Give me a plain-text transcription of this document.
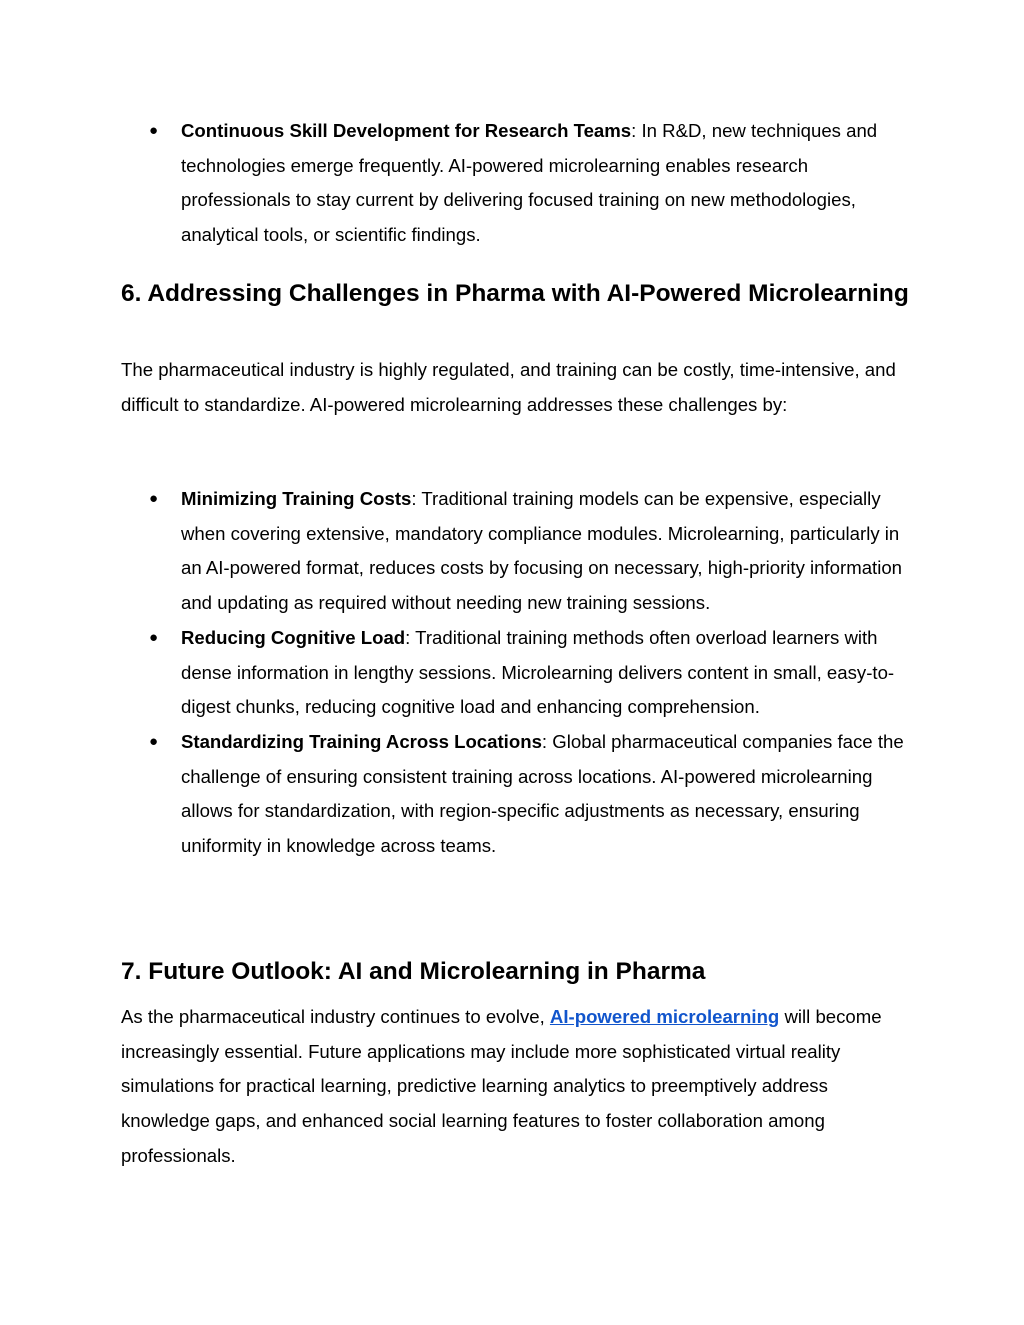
● Continuous Skill Development for Research Teams: In R&D, new techniques and technologies emerge frequently. AI-powered microlearning enables research professionals to stay current by delivering focused training on new methodologies, analytical tools, or scientific findings.
6. Addressing Challenges in Pharma with AI-Powered Microlearning

The pharmaceutical industry is highly regulated, and training can be costly, time-intensive, and difficult to standardize. AI-powered microlearning addresses these challenges by:

● Minimizing Training Costs: Traditional training models can be expensive, especially when covering extensive, mandatory compliance modules. Microlearning, particularly in an AI-powered format, reduces costs by focusing on necessary, high-priority information and updating as required without needing new training sessions.
● Reducing Cognitive Load: Traditional training methods often overload learners with dense information in lengthy sessions. Microlearning delivers content in small, easy-to-digest chunks, reducing cognitive load and enhancing comprehension.
● Standardizing Training Across Locations: Global pharmaceutical companies face the challenge of ensuring consistent training across locations. AI-powered microlearning allows for standardization, with region-specific adjustments as necessary, ensuring uniformity in knowledge across teams.
7. Future Outlook: AI and Microlearning in Pharma

As the pharmaceutical industry continues to evolve, AI-powered microlearning will become increasingly essential. Future applications may include more sophisticated virtual reality simulations for practical learning, predictive learning analytics to preemptively address knowledge gaps, and enhanced social learning features to foster collaboration among professionals.
